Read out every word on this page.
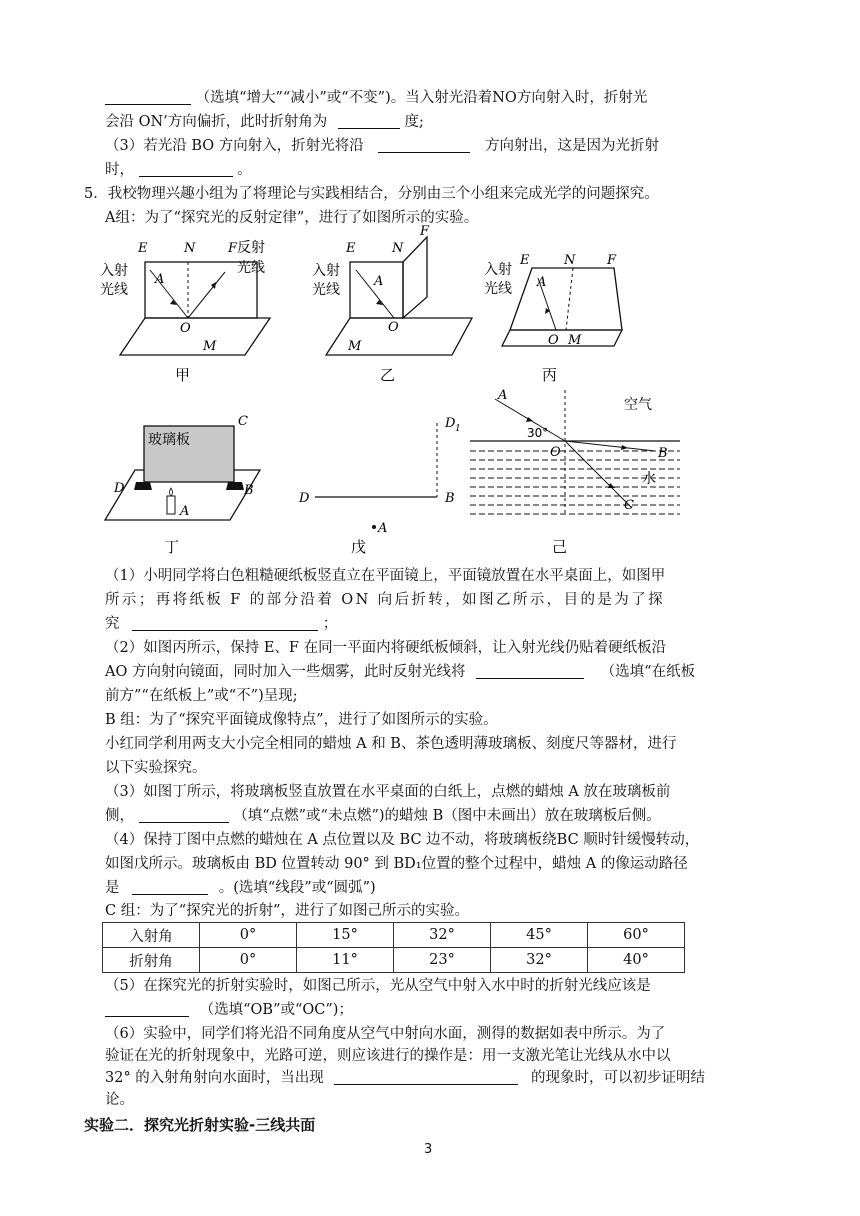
（选填“增大”“减小”或“不变”)。当入射光沿着NO方向射入时，折射光
会沿 ON’方向偏折，此时折射角为	度;
（3）若光沿 BO 方向射入，折射光将沿	方向射出，这是因为光折射
时，	。
5．我校物理兴趣小组为了将理论与实践相结合，分别由三个小组来完成光学的问题探究。
A组：为了“探究光的反射定律”，进行了如图所示的实验。
E	N	F 反射
光线
入射
光线
A
O
M
甲
E	N
F
入射
光线
A
O
M
乙
E	N F
入射
光线 A
O M
丙
玻璃板
C
D	B
A
丁
D	B
D 1
A
戊
A
空气
30°
O	B
水
C
己
（1）小明同学将白色粗糙硬纸板竖直立在平面镜上，平面镜放置在水平桌面上，如图甲
所示；再将纸板 F 的部分沿着 ON 向后折转，如图乙所示，目的是为了探
究	；
（2）如图丙所示，保持 E、F 在同一平面内将硬纸板倾斜，让入射光线仍贴着硬纸板沿
AO 方向射向镜面，同时加入一些烟雾，此时反射光线将	（选填“在纸板
前方”“在纸板上”或“不”)呈现;
B 组：为了“探究平面镜成像特点”，进行了如图所示的实验。
小红同学利用两支大小完全相同的蜡烛 A 和 B、茶色透明薄玻璃板、刻度尺等器材，进行
以下实验探究。
（3）如图丁所示，将玻璃板竖直放置在水平桌面的白纸上，点燃的蜡烛 A 放在玻璃板前
侧，	（填“点燃”或“未点燃”)的蜡烛 B（图中未画出）放在玻璃板后侧。
（4）保持丁图中点燃的蜡烛在 A 点位置以及 BC 边不动，将玻璃板绕BC 顺时针缓慢转动，
如图戊所示。玻璃板由 BD 位置转动 90° 到 BD₁位置的整个过程中，蜡烛 A 的像运动路径
是	。(选填“线段”或“圆弧”)
C 组：为了“探究光的折射”，进行了如图己所示的实验。
入射角	0°	15°	32°	45°	60°
折射角	0°	11°	23°	32°	40°
（5）在探究光的折射实验时，如图己所示，光从空气中射入水中时的折射光线应该是
（选填“OB”或“OC”)；
（6）实验中，同学们将光沿不同角度从空气中射向水面，测得的数据如表中所示。为了
验证在光的折射现象中，光路可逆，则应该进行的操作是：用一支激光笔让光线从水中以
32° 的入射角射向水面时，当出现	的现象时，可以初步证明结
论。
实验二．探究光折射实验-三线共面
3
